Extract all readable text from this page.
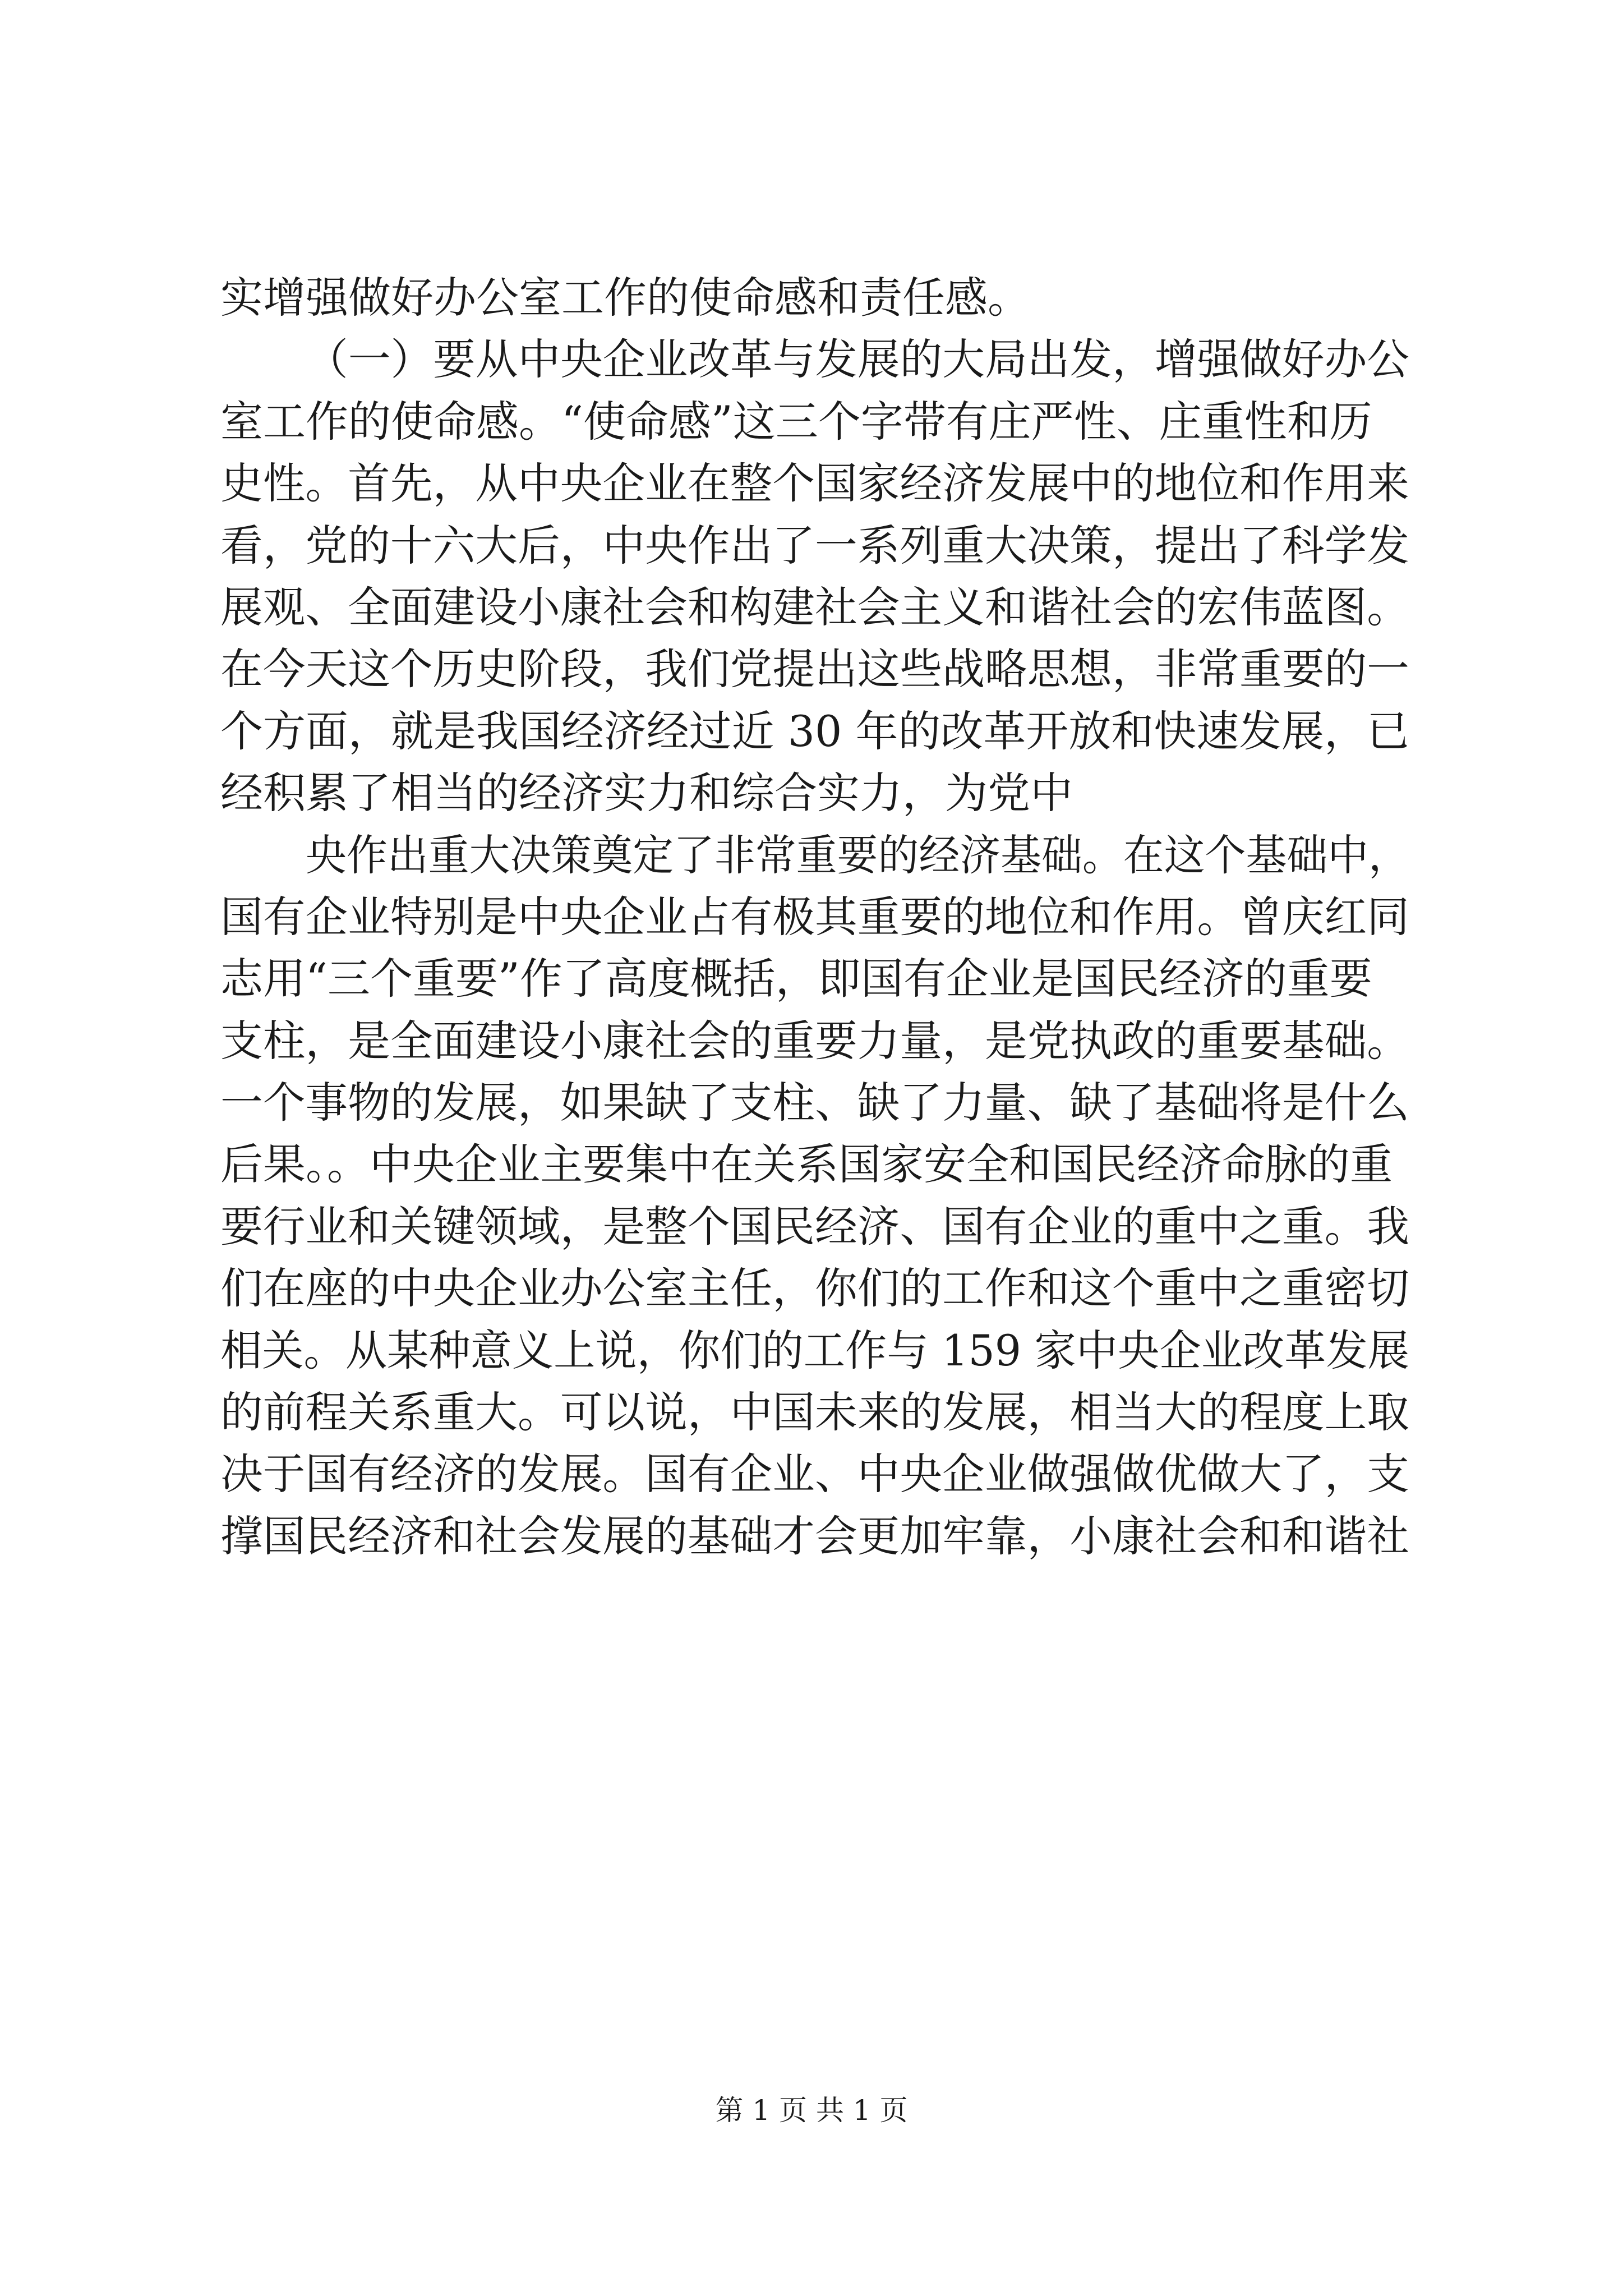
实增强做好办公室工作的使命感和责任感。
（一）要从中央企业改革与发展的大局出发，增强做好办公
室工作的使命感。“使命感”这三个字带有庄严性、庄重性和历
史性。首先，从中央企业在整个国家经济发展中的地位和作用来
看，党的十六大后，中央作出了一系列重大决策，提出了科学发
展观、全面建设小康社会和构建社会主义和谐社会的宏伟蓝图。
在今天这个历史阶段，我们党提出这些战略思想，非常重要的一
个方面，就是我国经济经过近 30 年的改革开放和快速发展，已
经积累了相当的经济实力和综合实力，为党中
央作出重大决策奠定了非常重要的经济基础。在这个基础中，
国有企业特别是中央企业占有极其重要的地位和作用。曾庆红同
志用“三个重要”作了高度概括，即国有企业是国民经济的重要
支柱，是全面建设小康社会的重要力量，是党执政的重要基础。
一个事物的发展，如果缺了支柱、缺了力量、缺了基础将是什么
后果。。中央企业主要集中在关系国家安全和国民经济命脉的重
要行业和关键领域，是整个国民经济、国有企业的重中之重。我
们在座的中央企业办公室主任，你们的工作和这个重中之重密切
相关。从某种意义上说，你们的工作与 159 家中央企业改革发展
的前程关系重大。可以说，中国未来的发展，相当大的程度上取
决于国有经济的发展。国有企业、中央企业做强做优做大了，支
撑国民经济和社会发展的基础才会更加牢靠，小康社会和和谐社
第 1 页 共 1 页
